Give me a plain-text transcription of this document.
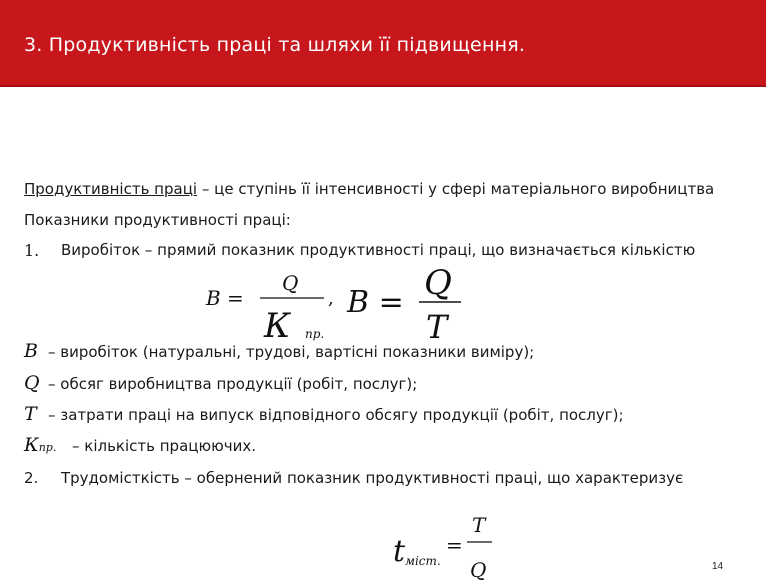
3. Продуктивність праці та шляхи її підвищення.
Продуктивність праці – це ступінь її інтенсивності у сфері матеріального виробництва
Показники продуктивності праці:
1. Виробіток – прямий показник продуктивності праці, що визначається кількістю
В =
Q
К пр.
, В = Q
Т
t міст.
=
Т
Q
В – виробіток (натуральні, трудові, вартісні показники виміру);
Q – обсяг виробництва продукції (робіт, послуг);
Т – затрати праці на випуск відповідного обсягу продукції (робіт, послуг);
Кпр. – кількість працюючих.
2. Трудомісткість – обернений показник продуктивності праці, що характеризує
14
